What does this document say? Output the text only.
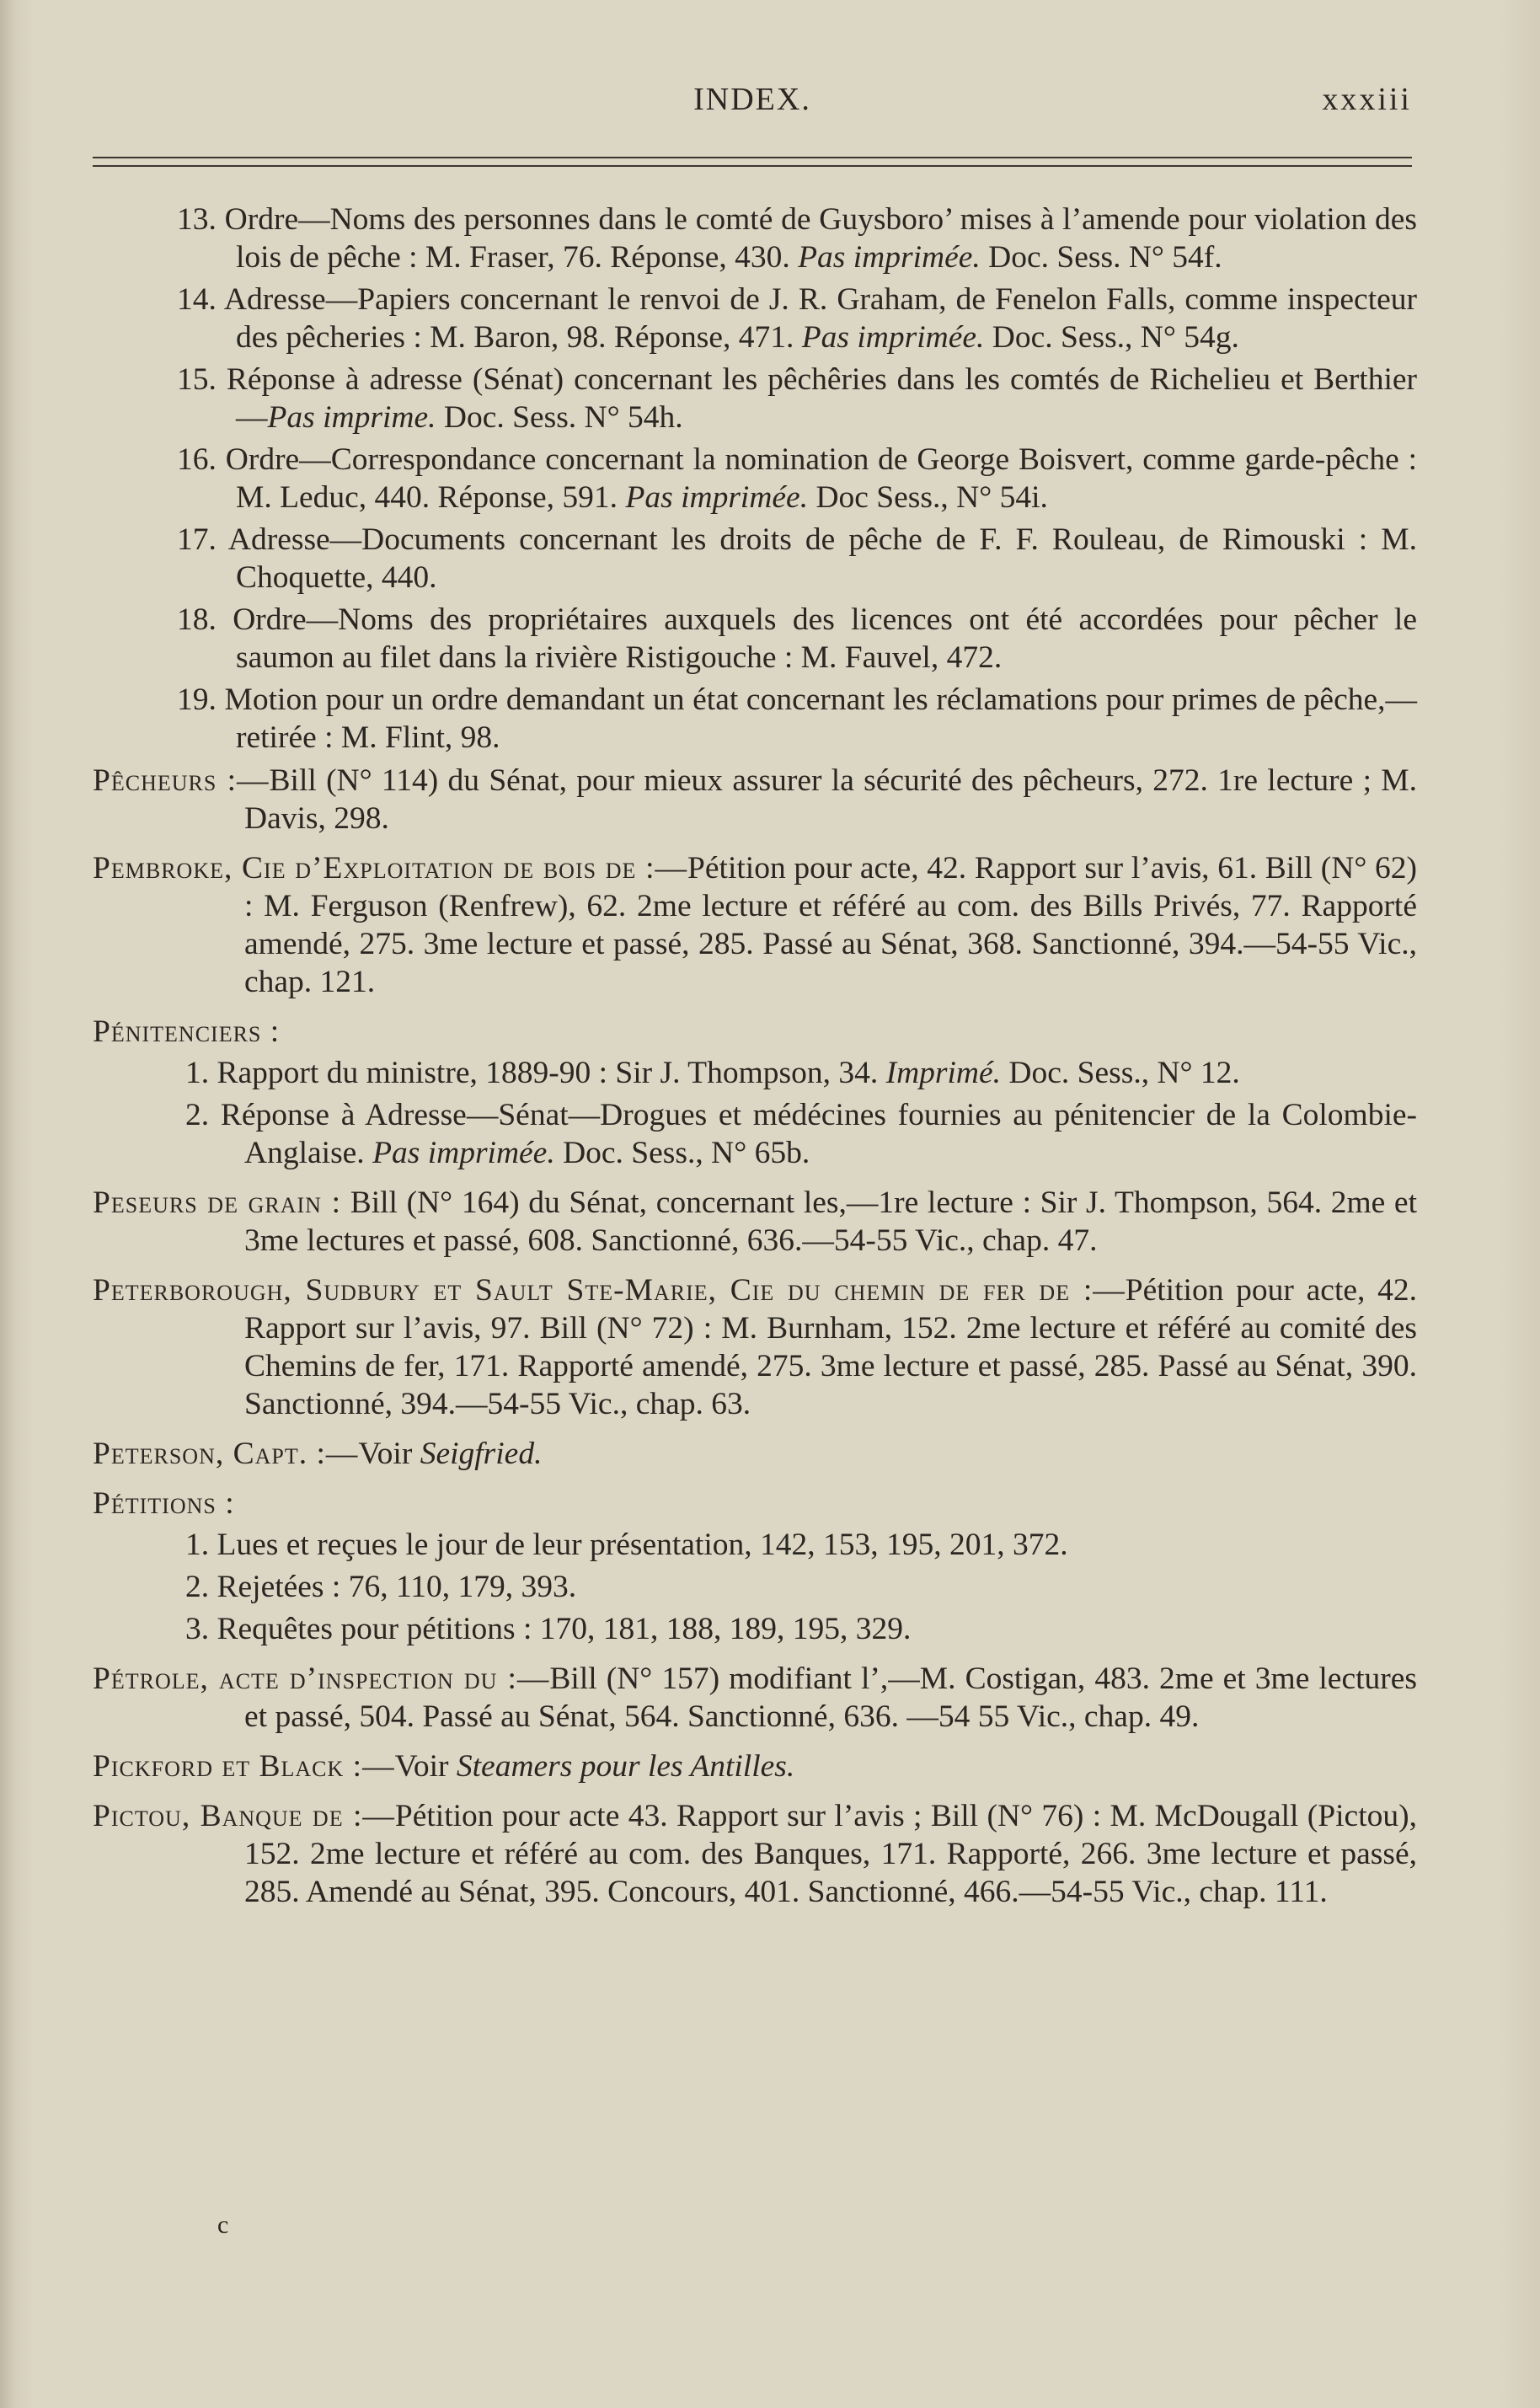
INDEX.	xxxiii
13. Ordre—Noms des personnes dans le comté de Guysboro’ mises à l’amende pour violation des lois de pêche : M. Fraser, 76. Réponse, 430. Pas imprimée. Doc. Sess. N° 54f.
14. Adresse—Papiers concernant le renvoi de J. R. Graham, de Fenelon Falls, comme inspecteur des pêcheries : M. Baron, 98. Réponse, 471. Pas imprimée. Doc. Sess., N° 54g.
15. Réponse à adresse (Sénat) concernant les pêchêries dans les comtés de Richelieu et Berthier—Pas imprime. Doc. Sess. N° 54h.
16. Ordre—Correspondance concernant la nomination de George Boisvert, comme garde-pêche : M. Leduc, 440. Réponse, 591. Pas imprimée. Doc Sess., N° 54i.
17. Adresse—Documents concernant les droits de pêche de F. F. Rouleau, de Rimouski : M. Choquette, 440.
18. Ordre—Noms des propriétaires auxquels des licences ont été accordées pour pêcher le saumon au filet dans la rivière Ristigouche : M. Fauvel, 472.
19. Motion pour un ordre demandant un état concernant les réclamations pour primes de pêche,—retirée : M. Flint, 98.

Pêcheurs :—Bill (N° 114) du Sénat, pour mieux assurer la sécurité des pêcheurs, 272. 1re lecture ; M. Davis, 298.

Pembroke, Cie d’Exploitation de bois de :—Pétition pour acte, 42. Rapport sur l’avis, 61. Bill (N° 62) : M. Ferguson (Renfrew), 62. 2me lecture et référé au com. des Bills Privés, 77. Rapporté amendé, 275. 3me lecture et passé, 285. Passé au Sénat, 368. Sanctionné, 394.—54-55 Vic., chap. 121.

Pénitenciers :

1. Rapport du ministre, 1889-90 : Sir J. Thompson, 34. Imprimé. Doc. Sess., N° 12.
2. Réponse à Adresse—Sénat—Drogues et médécines fournies au pénitencier de la Colombie-Anglaise. Pas imprimée. Doc. Sess., N° 65b.

Peseurs de grain : Bill (N° 164) du Sénat, concernant les,—1re lecture : Sir J. Thompson, 564. 2me et 3me lectures et passé, 608. Sanctionné, 636.—54-55 Vic., chap. 47.

Peterborough, Sudbury et Sault Ste-Marie, Cie du chemin de fer de :—Pétition pour acte, 42. Rapport sur l’avis, 97. Bill (N° 72) : M. Burnham, 152. 2me lecture et référé au comité des Chemins de fer, 171. Rapporté amendé, 275. 3me lecture et passé, 285. Passé au Sénat, 390. Sanctionné, 394.—54-55 Vic., chap. 63.

Peterson, Capt. :—Voir Seigfried.

Pétitions :

1. Lues et reçues le jour de leur présentation, 142, 153, 195, 201, 372.
2. Rejetées : 76, 110, 179, 393.
3. Requêtes pour pétitions : 170, 181, 188, 189, 195, 329.

Pétrole, acte d’inspection du :—Bill (N° 157) modifiant l’,—M. Costigan, 483. 2me et 3me lectures et passé, 504. Passé au Sénat, 564. Sanctionné, 636. —54 55 Vic., chap. 49.

Pickford et Black :—Voir Steamers pour les Antilles.

Pictou, Banque de :—Pétition pour acte 43. Rapport sur l’avis ; Bill (N° 76) : M. McDougall (Pictou), 152. 2me lecture et référé au com. des Banques, 171. Rapporté, 266. 3me lecture et passé, 285. Amendé au Sénat, 395. Concours, 401. Sanctionné, 466.—54-55 Vic., chap. 111.

c
